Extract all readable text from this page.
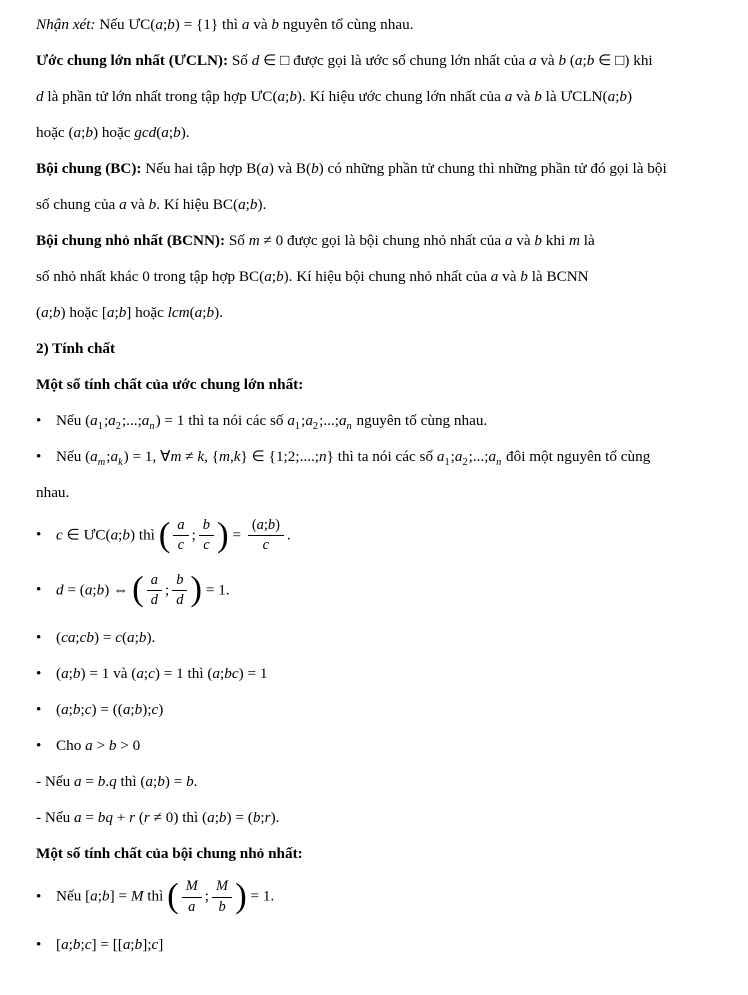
Nhận xét: Nếu ƯC(a;b) = {1} thì a và b nguyên tố cùng nhau.

Ước chung lớn nhất (ƯCLN): Số d ∈ □ được gọi là ước số chung lớn nhất của a và b (a;b ∈ □) khi

d là phần tử lớn nhất trong tập hợp ƯC(a;b). Kí hiệu ước chung lớn nhất của a và b là ƯCLN(a;b)

hoặc (a;b) hoặc gcd(a;b).

Bội chung (BC): Nếu hai tập hợp B(a) và B(b) có những phần tử chung thì những phần tử đó gọi là bội

số chung của a và b. Kí hiệu BC(a;b).

Bội chung nhỏ nhất (BCNN): Số m ≠ 0 được gọi là bội chung nhỏ nhất của a và b khi m là

số nhỏ nhất khác 0 trong tập hợp BC(a;b). Kí hiệu bội chung nhỏ nhất của a và b là BCNN

(a;b) hoặc [a;b] hoặc lcm(a;b).

2) Tính chất

Một số tính chất của ước chung lớn nhất:

• Nếu $(a_1;a_2;...;a_n) = 1$ thì ta nói các số $a_1;a_2;...;a_n$ nguyên tố cùng nhau.

• Nếu $(a_m;a_k) = 1$, ∀m ≠ k, {m,k} ∈ {1;2;....;n} thì ta nói các số $a_1;a_2;...;a_n$ đôi một nguyên tố cùng

nhau.

• c ∈ ƯC(a;b) thì ( $\frac{a}{c}$ ; $\frac{b}{c}$ ) = $\frac{(a;b)}{c}$ .

• d = (a;b) ⇔ ( $\frac{a}{d}$ ; $\frac{b}{d}$ ) = 1.

• (ca;cb) = c(a;b).

• (a;b) = 1 và (a;c) = 1 thì (a;bc) = 1

• (a;b;c) = ((a;b);c)

• Cho a > b > 0

- Nếu a = b.q thì (a;b) = b.

- Nếu a = bq + r (r ≠ 0) thì (a;b) = (b;r).

Một số tính chất của bội chung nhỏ nhất:

• Nếu [a;b] = M thì ( $\frac{M}{a}$ ; $\frac{M}{b}$ ) = 1.

• [a;b;c] = [[a;b];c]
